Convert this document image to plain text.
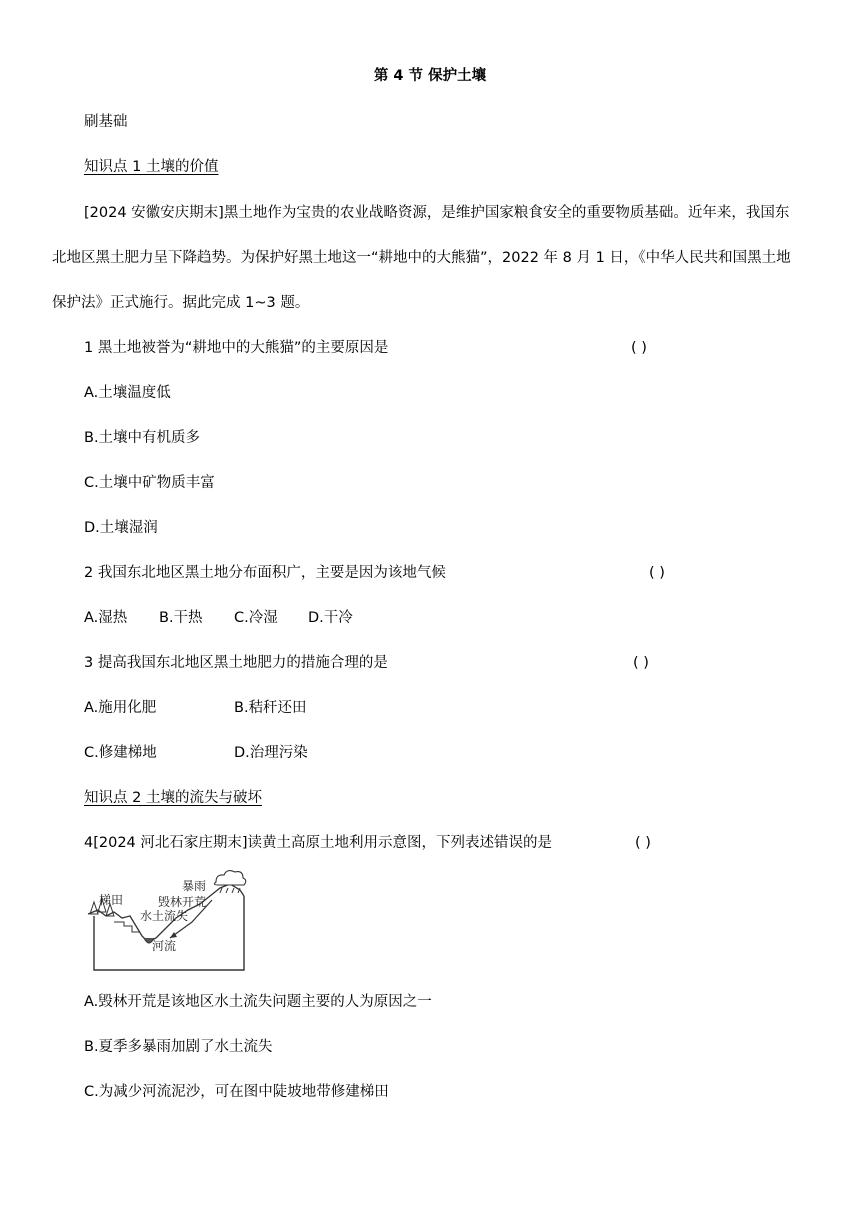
第 4 节 保护土壤
刷基础
知识点 1 土壤的价值
[2024 安徽安庆期末]黑土地作为宝贵的农业战略资源，是维护国家粮食安全的重要物质基础。近年来，我国东
北地区黑土肥力呈下降趋势。为保护好黑土地这一“耕地中的大熊猫”，2022 年 8 月 1 日，《中华人民共和国黑土地
保护法》正式施行。据此完成 1~3 题。
1 黑土地被誉为“耕地中的大熊猫”的主要原因是	( )
A.土壤温度低
B.土壤中有机质多
C.土壤中矿物质丰富
D.土壤湿润
2 我国东北地区黑土地分布面积广，主要是因为该地气候	( )
A.湿热 B.干热 C.冷湿 D.干冷
3 提高我国东北地区黑土地肥力的措施合理的是	( )
A.施用化肥	B.秸秆还田
C.修建梯地	D.治理污染
知识点 2 土壤的流失与破坏
4[2024 河北石家庄期末]读黄土高原土地利用示意图，下列表述错误的是	( )
梯田
暴雨
毁林开荒
水土流失
河流
A.毁林开荒是该地区水土流失问题主要的人为原因之一
B.夏季多暴雨加剧了水土流失
C.为减少河流泥沙，可在图中陡坡地带修建梯田
